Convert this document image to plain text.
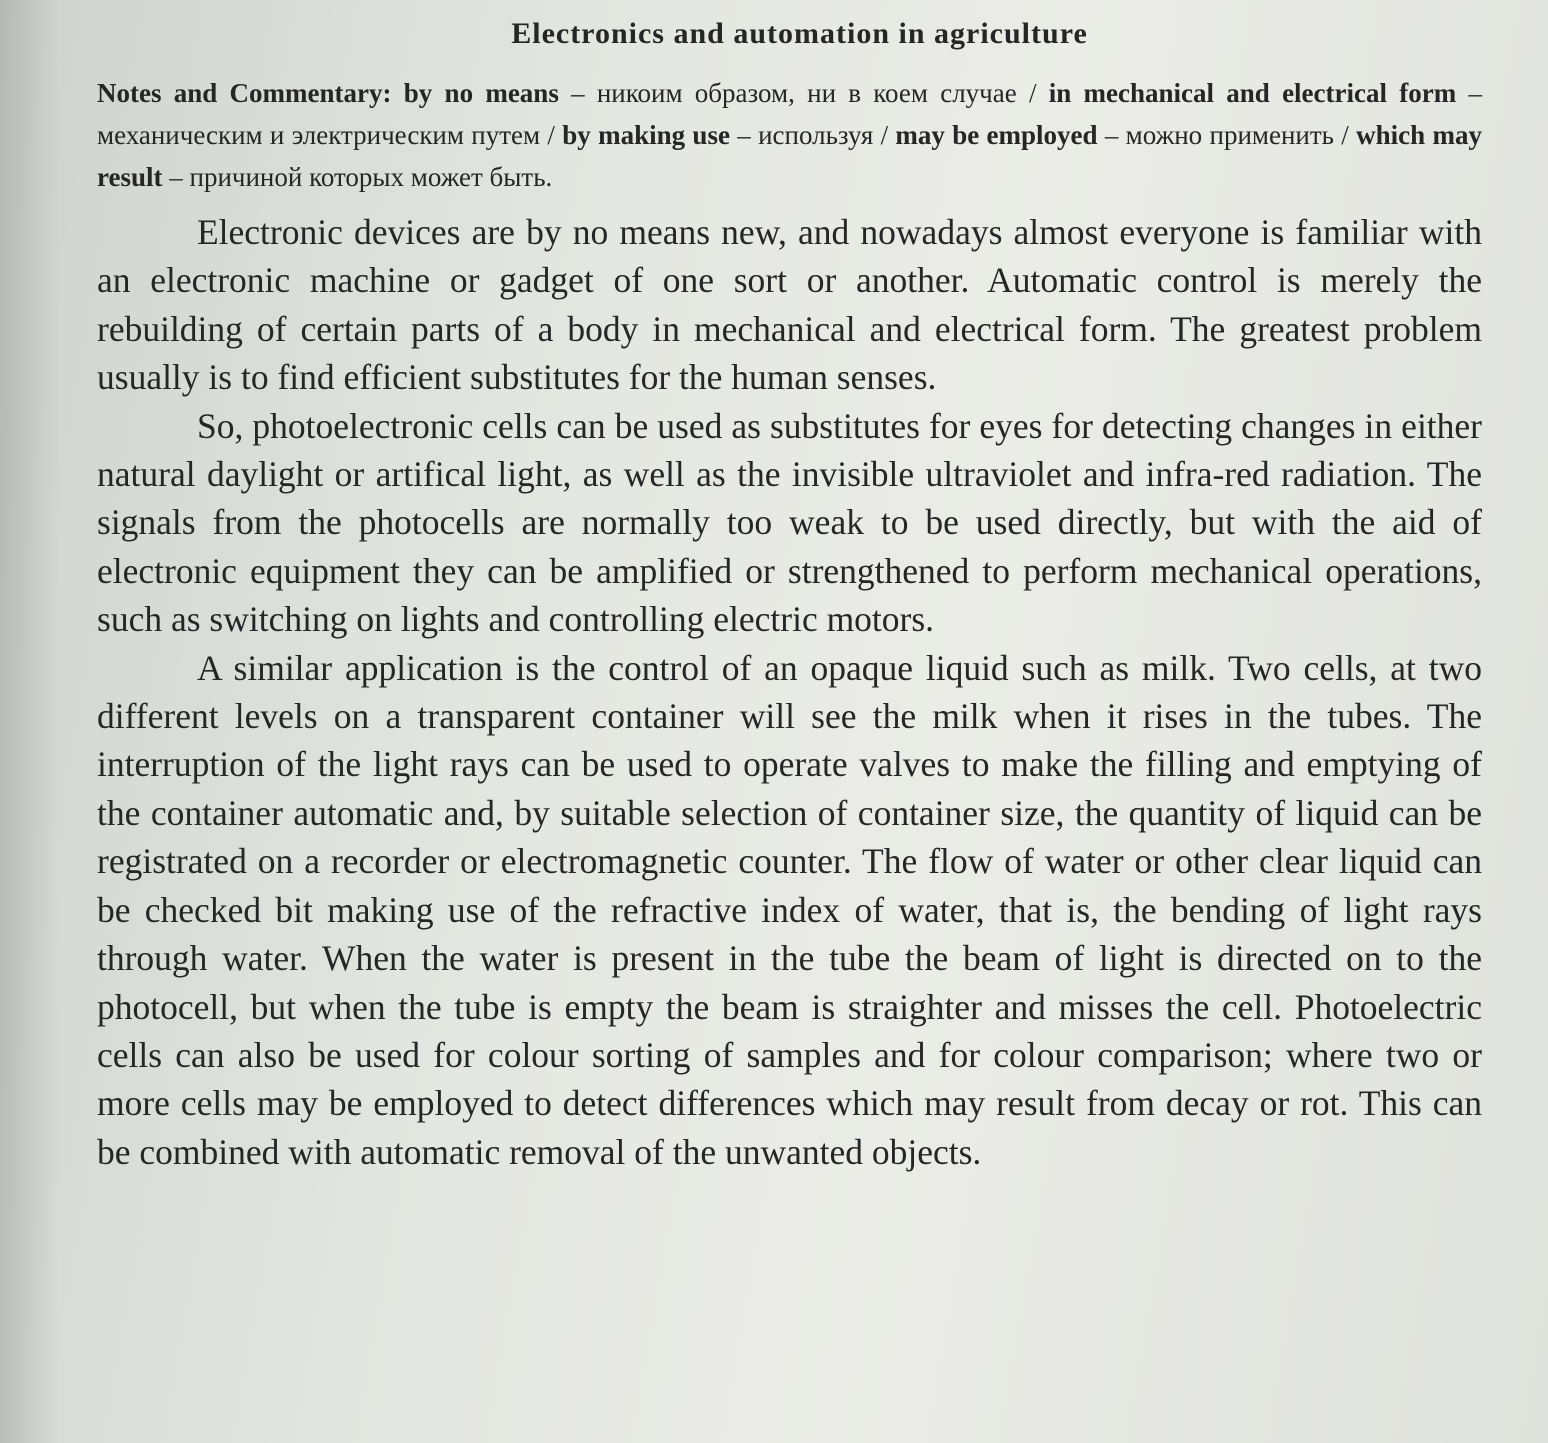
Electronics and automation in agriculture
Notes and Commentary: by no means – никоим образом, ни в коем случае / in mechanical and electrical form – механическим и электрическим путем / by making use – используя / may be employed – можно применить / which may result – причиной которых может быть.

Electronic devices are by no means new, and nowadays almost everyone is familiar with an electronic machine or gadget of one sort or another. Automatic control is merely the rebuilding of certain parts of a body in mechanical and electrical form. The greatest problem usually is to find efficient substitutes for the human senses.

So, photoelectronic cells can be used as substitutes for eyes for detecting changes in either natural daylight or artifical light, as well as the invisible ultraviolet and infra-red radiation. The signals from the photocells are normally too weak to be used directly, but with the aid of electronic equipment they can be amplified or strengthened to perform mechanical operations, such as switching on lights and controlling electric motors.

A similar application is the control of an opaque liquid such as milk. Two cells, at two different levels on a transparent container will see the milk when it rises in the tubes. The interruption of the light rays can be used to operate valves to make the filling and emptying of the container automatic and, by suitable selection of container size, the quantity of liquid can be registrated on a recorder or electromagnetic counter. The flow of water or other clear liquid can be checked bit making use of the refractive index of water, that is, the bending of light rays through water. When the water is present in the tube the beam of light is directed on to the photocell, but when the tube is empty the beam is straighter and misses the cell. Photoelectric cells can also be used for colour sorting of samples and for colour comparison; where two or more cells may be employed to detect differences which may result from decay or rot. This can be combined with automatic removal of the unwanted objects.
